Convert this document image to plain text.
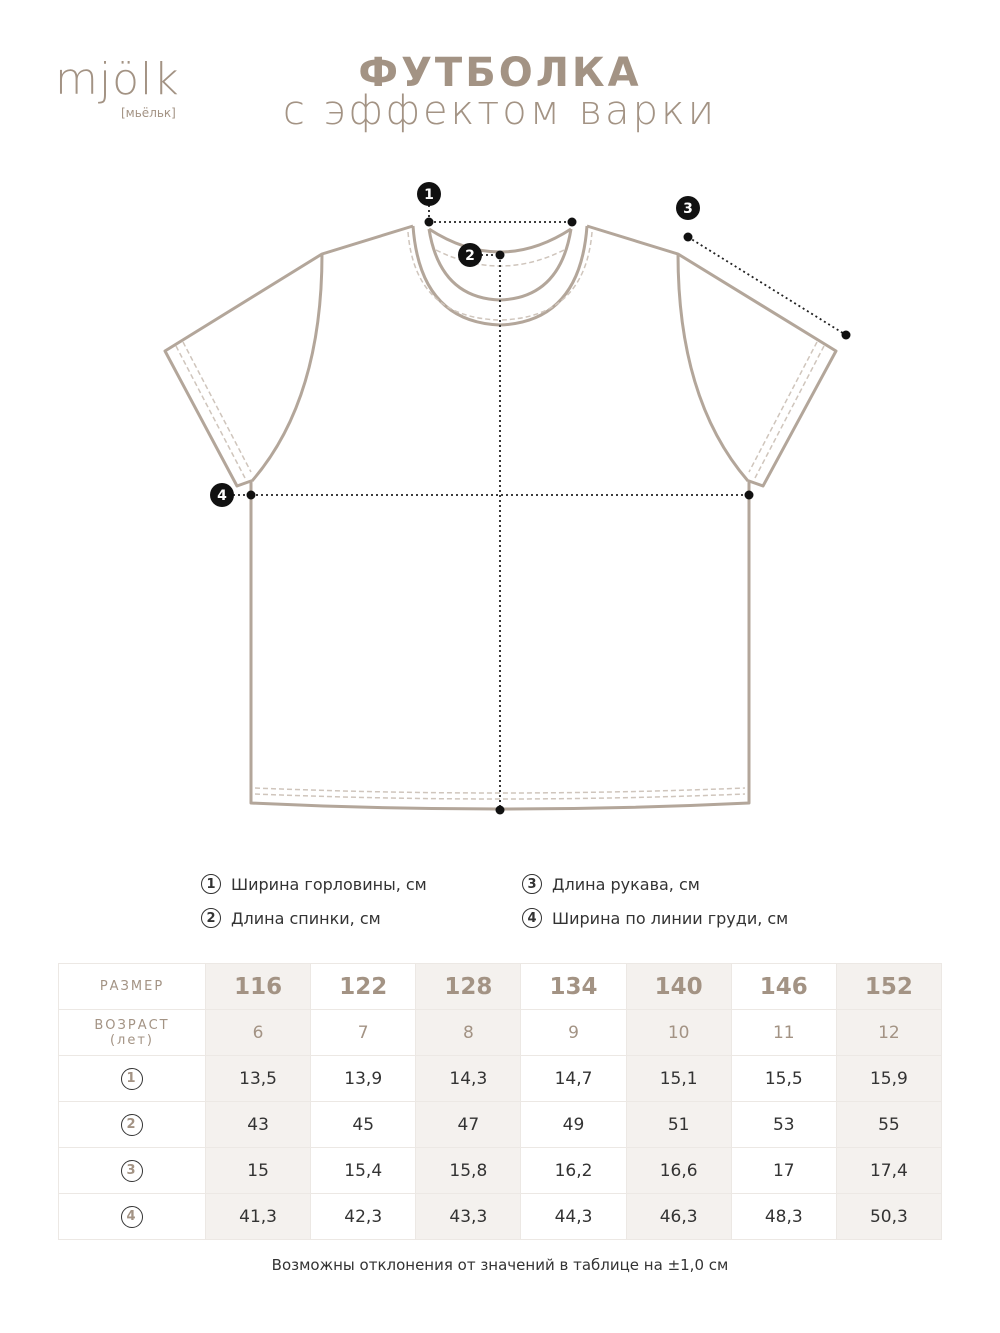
mjölk
[мьёльк]
ФУТБОЛКА
с эффектом варки
1
2
3
4
1 Ширина горловины, см
2 Длина спинки, см
3 Длина рукава, см
4 Ширина по линии груди, см
РАЗМЕР	116	122	128	134	140	146	152

ВОЗРАСТ
(лет)	6	7	8	9	10	11	12
1	13,5	13,9	14,3	14,7	15,1	15,5	15,9
2	43	45	47	49	51	53	55
3	15	15,4	15,8	16,2	16,6	17	17,4
4	41,3	42,3	43,3	44,3	46,3	48,3	50,3
Возможны отклонения от значений в таблице на ±1,0 см
